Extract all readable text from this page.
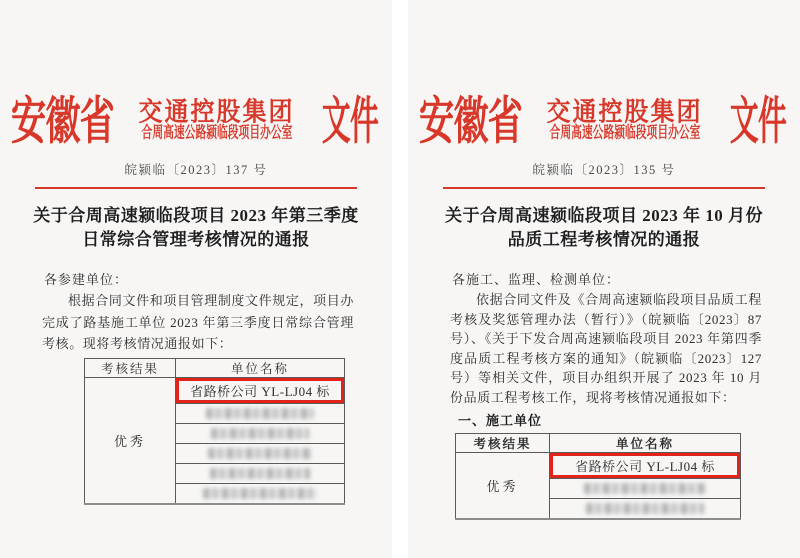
安徽省 交通控股集团
合周高速公路颍临段项目办公室 文件
皖颍临〔2023〕137 号
关于合周高速颍临段项目 2023 年第三季度
日常综合管理考核情况的通报
各参建单位：

根据合同文件和项目管理制度文件规定，项目办完成了路基施工单位 2023 年第三季度日常综合管理考核。现将考核情况通报如下：

考核结果	单位名称
优秀	省路桥公司 YL-LJ04 标

安徽省 交通控股集团
合周高速公路颍临段项目办公室 文件
皖颍临〔2023〕135 号
关于合周高速颍临段项目 2023 年 10 月份
品质工程考核情况的通报
各施工、监理、检测单位：

依据合同文件及《合周高速颍临段项目品质工程考核及奖惩管理办法（暂行）》（皖颍临〔2023〕87 号）、《关于下发合周高速颍临段项目 2023 年第四季度品质工程考核方案的通知》（皖颍临〔2023〕127 号）等相关文件，项目办组织开展了 2023 年 10 月份品质工程考核工作，现将考核情况通报如下：

一、施工单位
考核结果	单位名称
优秀	省路桥公司 YL-LJ04 标
